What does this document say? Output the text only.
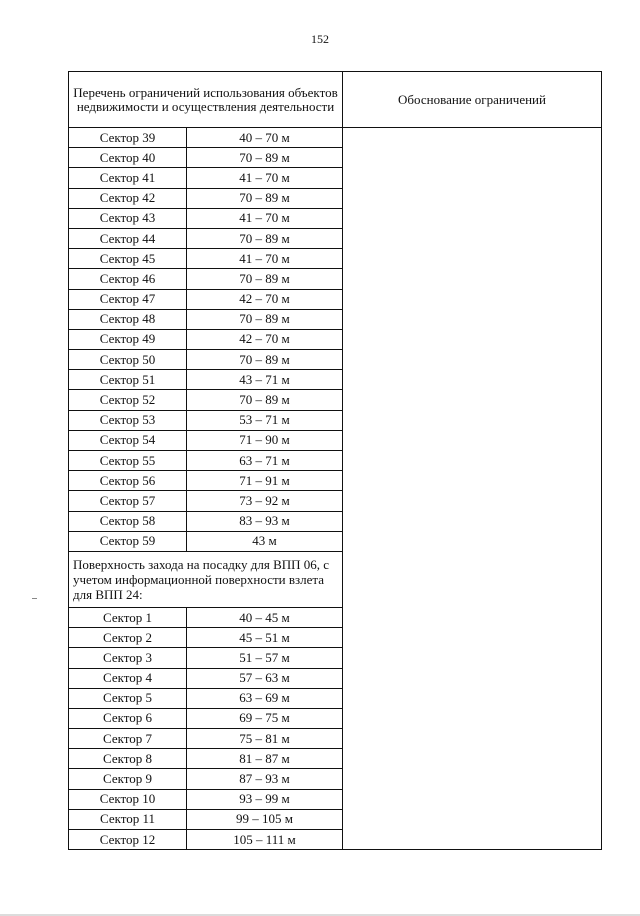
152
Перечень ограничений использования объектов недвижимости и осуществления деятельности		Обоснование ограничений
Сектор 39	40 – 70 м	
Сектор 40	70 – 89 м	
Сектор 41	41 – 70 м	
Сектор 42	70 – 89 м	
Сектор 43	41 – 70 м	
Сектор 44	70 – 89 м	
Сектор 45	41 – 70 м	
Сектор 46	70 – 89 м	
Сектор 47	42 – 70 м	
Сектор 48	70 – 89 м	
Сектор 49	42 – 70 м	
Сектор 50	70 – 89 м	
Сектор 51	43 – 71 м	
Сектор 52	70 – 89 м	
Сектор 53	53 – 71 м	
Сектор 54	71 – 90 м	
Сектор 55	63 – 71 м	
Сектор 56	71 – 91 м	
Сектор 57	73 – 92 м	
Сектор 58	83 – 93 м	
Сектор 59	43 м	
Поверхность захода на посадку для ВПП 06, с учетом информационной поверхности взлета для ВПП 24:		
Сектор 1	40 – 45 м	
Сектор 2	45 – 51 м	
Сектор 3	51 – 57 м	
Сектор 4	57 – 63 м	
Сектор 5	63 – 69 м	
Сектор 6	69 – 75 м	
Сектор 7	75 – 81 м	
Сектор 8	81 – 87 м	
Сектор 9	87 – 93 м	
Сектор 10	93 – 99 м	
Сектор 11	99 – 105 м	
Сектор 12	105 – 111 м	
